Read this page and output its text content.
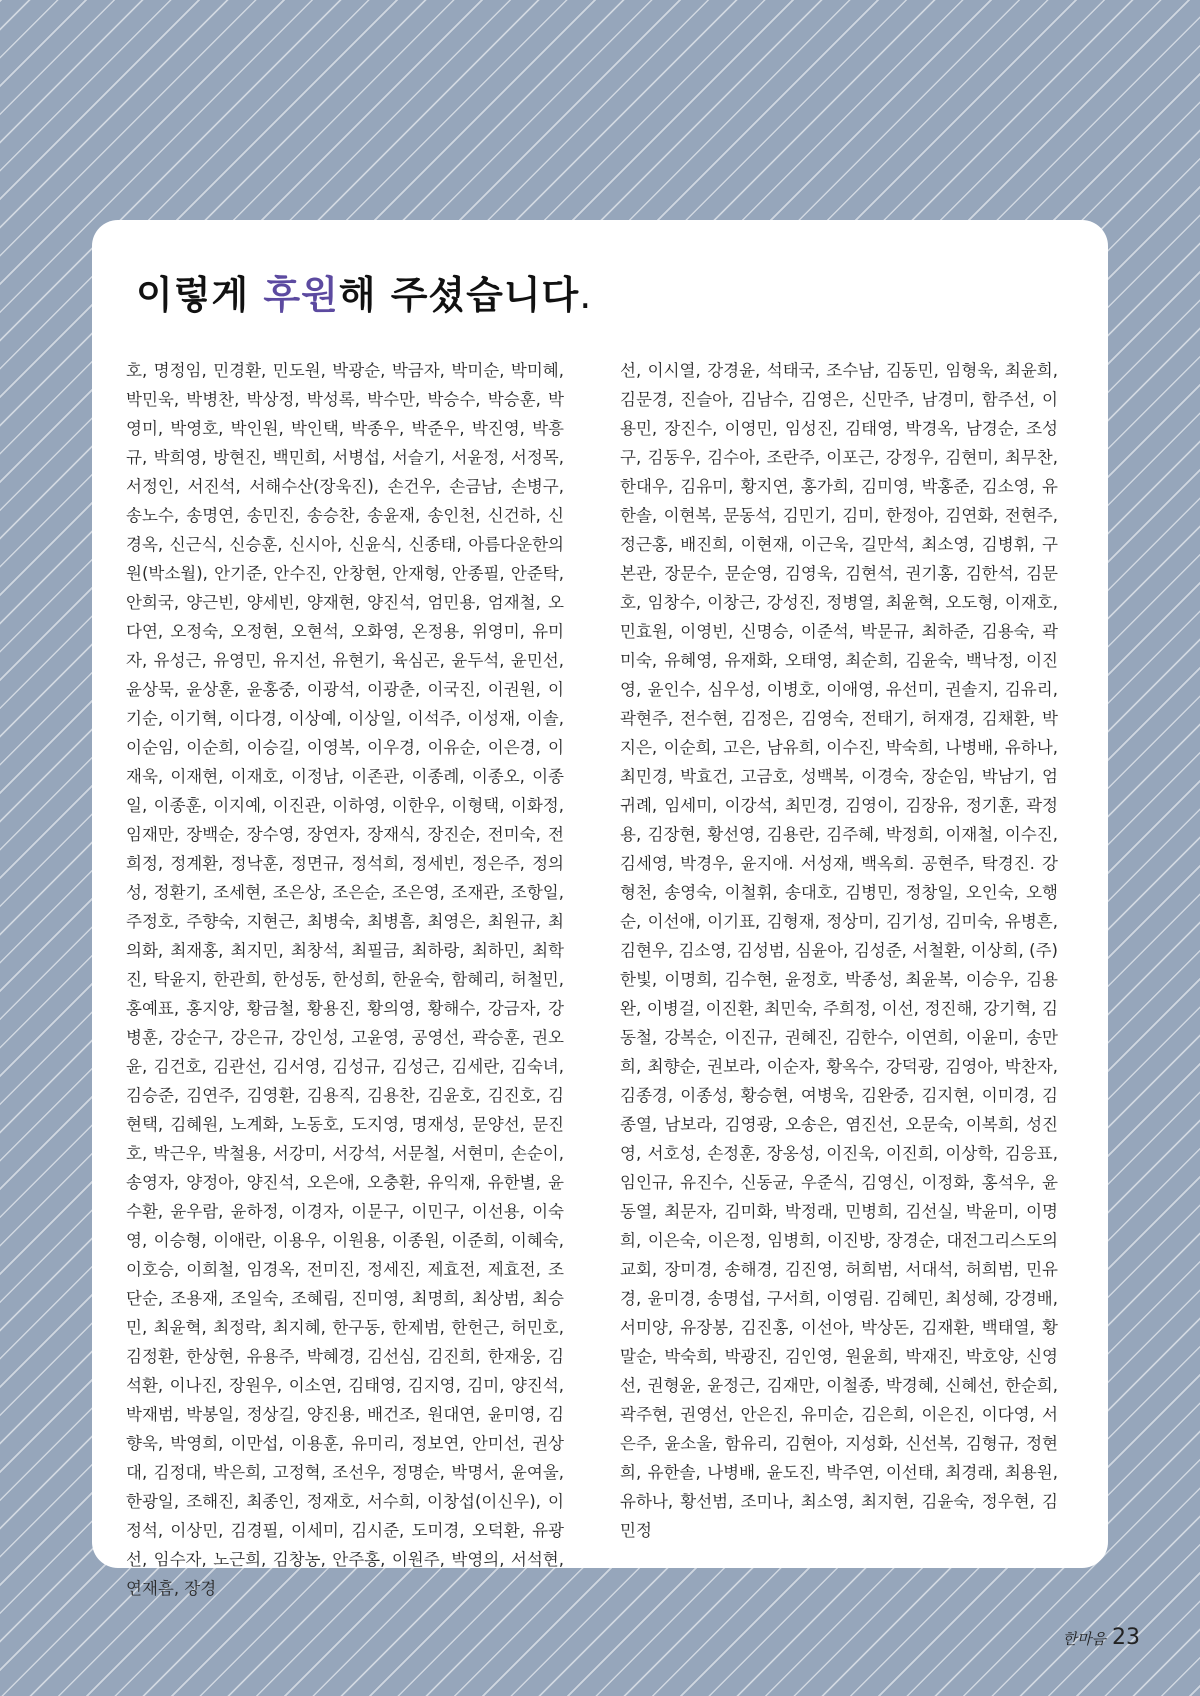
이렇게 후원해 주셨습니다.
호, 명정임, 민경환, 민도원, 박광순, 박금자, 박미순, 박미혜, 박민욱, 박병찬, 박상정, 박성록, 박수만, 박승수, 박승훈, 박영미, 박영호, 박인원, 박인택, 박종우, 박준우, 박진영, 박흥규, 박희영, 방현진, 백민희, 서병섭, 서슬기, 서윤정, 서정목, 서정인, 서진석, 서해수산(장욱진), 손건우, 손금남, 손병구, 송노수, 송명연, 송민진, 송승찬, 송윤재, 송인천, 신건하, 신경옥, 신근식, 신승훈, 신시아, 신윤식, 신종태, 아름다운한의원(박소월), 안기준, 안수진, 안창현, 안재형, 안종필, 안준탁, 안희국, 양근빈, 양세빈, 양재현, 양진석, 엄민용, 엄재철, 오다연, 오정숙, 오정현, 오현석, 오화영, 온정용, 위영미, 유미자, 유성근, 유영민, 유지선, 유현기, 육심곤, 윤두석, 윤민선, 윤상묵, 윤상훈, 윤홍중, 이광석, 이광춘, 이국진, 이권원, 이기순, 이기혁, 이다경, 이상예, 이상일, 이석주, 이성재, 이솔, 이순임, 이순희, 이승길, 이영복, 이우경, 이유순, 이은경, 이재욱, 이재현, 이재호, 이정남, 이존관, 이종례, 이종오, 이종일, 이종훈, 이지예, 이진관, 이하영, 이한우, 이형택, 이화정, 임재만, 장백순, 장수영, 장연자, 장재식, 장진순, 전미숙, 전희정, 정계환, 정낙훈, 정면규, 정석희, 정세빈, 정은주, 정의성, 정환기, 조세현, 조은상, 조은순, 조은영, 조재관, 조항일, 주정호, 주향숙, 지현근, 최병숙, 최병흠, 최영은, 최원규, 최의화, 최재홍, 최지민, 최창석, 최필금, 최하랑, 최하민, 최학진, 탁윤지, 한관희, 한성동, 한성희, 한윤숙, 함혜리, 허철민, 홍예표, 홍지양, 황금철, 황용진, 황의영, 황해수, 강금자, 강병훈, 강순구, 강은규, 강인성, 고윤영, 공영선, 곽승훈, 권오윤, 김건호, 김관선, 김서영, 김성규, 김성근, 김세란, 김숙녀, 김승준, 김연주, 김영환, 김용직, 김용찬, 김윤호, 김진호, 김현택, 김혜원, 노계화, 노동호, 도지영, 명재성, 문양선, 문진호, 박근우, 박철용, 서강미, 서강석, 서문철, 서현미, 손순이, 송영자, 양정아, 양진석, 오은애, 오충환, 유익재, 유한별, 윤수환, 윤우람, 윤하정, 이경자, 이문구, 이민구, 이선용, 이숙영, 이승형, 이애란, 이용우, 이원용, 이종원, 이준희, 이혜숙, 이호승, 이희철, 임경옥, 전미진, 정세진, 제효전, 제효전, 조단순, 조용재, 조일숙, 조혜림, 진미영, 최명희, 최상범, 최승민, 최윤혁, 최정락, 최지혜, 한구동, 한제범, 한헌근, 허민호, 김정환, 한상현, 유용주, 박혜경, 김선심, 김진희, 한재웅, 김석환, 이나진, 장원우, 이소연, 김태영, 김지영, 김미, 양진석, 박재범, 박봉일, 정상길, 양진용, 배건조, 원대연, 윤미영, 김향욱, 박영희, 이만섭, 이용훈, 유미리, 정보연, 안미선, 권상대, 김정대, 박은희, 고정혁, 조선우, 정명순, 박명서, 윤여울, 한광일, 조해진, 최종인, 정재호, 서수희, 이창섭(이신우), 이정석, 이상민, 김경필, 이세미, 김시준, 도미경, 오덕환, 유광선, 임수자, 노근희, 김창농, 안주홍, 이원주, 박영의, 서석현, 연재흠, 장경
선, 이시열, 강경윤, 석태국, 조수남, 김동민, 임형욱, 최윤희, 김문경, 진슬아, 김남수, 김영은, 신만주, 남경미, 함주선, 이용민, 장진수, 이영민, 임성진, 김태영, 박경옥, 남경순, 조성구, 김동우, 김수아, 조란주, 이포근, 강정우, 김현미, 최무찬, 한대우, 김유미, 황지연, 홍가희, 김미영, 박홍준, 김소영, 유한솔, 이현복, 문동석, 김민기, 김미, 한정아, 김연화, 전현주, 정근홍, 배진희, 이현재, 이근욱, 길만석, 최소영, 김병휘, 구본관, 장문수, 문순영, 김영욱, 김현석, 권기홍, 김한석, 김문호, 임창수, 이창근, 강성진, 정병열, 최윤혁, 오도형, 이재호, 민효원, 이영빈, 신명승, 이준석, 박문규, 최하준, 김용숙, 곽미숙, 유혜영, 유재화, 오태영, 최순희, 김윤숙, 백낙정, 이진영, 윤인수, 심우성, 이병호, 이애영, 유선미, 권솔지, 김유리, 곽현주, 전수현, 김정은, 김영숙, 전태기, 허재경, 김채환, 박지은, 이순희, 고은, 남유희, 이수진, 박숙희, 나병배, 유하나, 최민경, 박효건, 고금호, 성백복, 이경숙, 장순임, 박남기, 엄귀례, 임세미, 이강석, 최민경, 김영이, 김장유, 정기훈, 곽정용, 김장현, 황선영, 김용란, 김주혜, 박정희, 이재철, 이수진, 김세영, 박경우, 윤지애. 서성재, 백옥희. 공현주, 탁경진. 강형천, 송영숙, 이철휘, 송대호, 김병민, 정창일, 오인숙, 오행순, 이선애, 이기표, 김형재, 정상미, 김기성, 김미숙, 유병흔, 김현우, 김소영, 김성범, 심윤아, 김성준, 서철환, 이상희, (주)한빛, 이명희, 김수현, 윤정호, 박종성, 최윤복, 이승우, 김용완, 이병걸, 이진환, 최민숙, 주희정, 이선, 정진해, 강기혁, 김동철, 강복순, 이진규, 권혜진, 김한수, 이연희, 이윤미, 송만희, 최향순, 권보라, 이순자, 황옥수, 강덕광, 김영아, 박찬자, 김종경, 이종성, 황승현, 여병욱, 김완중, 김지현, 이미경, 김종열, 남보라, 김영광, 오송은, 염진선, 오문숙, 이복희, 성진영, 서호성, 손정훈, 장옹성, 이진욱, 이진희, 이상학, 김응표, 임인규, 유진수, 신동균, 우준식, 김영신, 이정화, 홍석우, 윤동열, 최문자, 김미화, 박정래, 민병희, 김선실, 박윤미, 이명희, 이은숙, 이은정, 임병희, 이진방, 장경순, 대전그리스도의교회, 장미경, 송해경, 김진영, 허희범, 서대석, 허희범, 민유경, 윤미경, 송명섭, 구서희, 이영림. 김혜민, 최성혜, 강경배, 서미양, 유장봉, 김진홍, 이선아, 박상돈, 김재환, 백태열, 황말순, 박숙희, 박광진, 김인영, 원윤희, 박재진, 박호양, 신영선, 권형윤, 윤정근, 김재만, 이철종, 박경혜, 신혜선, 한순희, 곽주현, 권영선, 안은진, 유미순, 김은희, 이은진, 이다영, 서은주, 윤소울, 함유리, 김현아, 지성화, 신선복, 김형규, 정현희, 유한솔, 나병배, 윤도진, 박주연, 이선태, 최경래, 최용원, 유하나, 황선범, 조미나, 최소영, 최지현, 김윤숙, 정우현, 김민정
한마음 23
